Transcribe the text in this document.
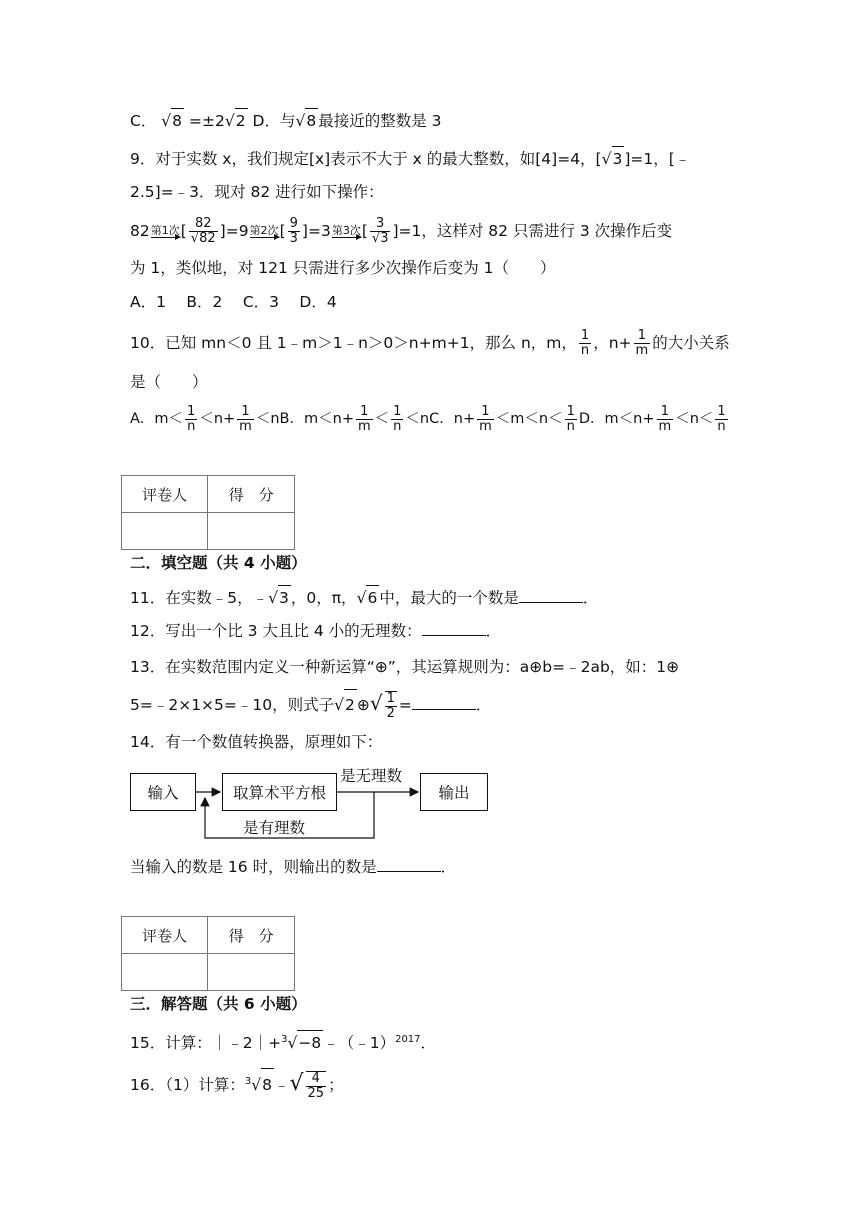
C． √8 =±2√2 D．与√8 最接近的整数是 3
9．对于实数 x，我们规定[x]表示不大于 x 的最大整数，如[4]=4，[√3 ]=1，[﹣
2.5]=﹣3．现对 82 进行如下操作：
82 第1次 [ $\frac{82}{√82} ]=9$ 第2次 [ $\frac{9}{3} ]=3$ 第3次 [ $\frac{3}{√3} ]=1$，这样对 82 只需进行 3 次操作后变
为 1，类似地，对 121 只需进行多少次操作后变为 1（　　）
A．1　 B．2　 C．3　 D．4
10．已知 mn＜0 且 1﹣m＞1﹣n＞0＞n+m+1，那么 n，m， $\frac{1}{n}$ ，$n+ \frac{1}{m}$ 的大小关系
是（　　）
A．$m< \frac{1}{n} <n+ \frac{1}{m} <nB$．$m<n+ \frac{1}{m} < \frac{1}{n} <nC$．$n+ \frac{1}{m} <m<n< \frac{1}{n}$ D．$m<n+ \frac{1}{m} <n< \frac{1}{n}$
评卷人	得　分

二．填空题（共 4 小题）
11．在实数﹣5，﹣√3 ，0，π，√6 中，最大的一个数是	．
12．写出一个比 3 大且比 4 小的无理数：	．
13．在实数范围内定义一种新运算“⊕”，其运算规则为：a⊕b=﹣2ab，如：1⊕
5=﹣2×1×5=﹣10，则式子√2 ⊕√ $\frac{1}{2}$ =	．
14．有一个数值转换器，原理如下：
输入	取算术平方根	输出
是无理数
是有理数
当输入的数是 16 时，则输出的数是	．
评卷人	得　分

三．解答题（共 6 小题）
15．计算：｜﹣2｜+$^3$√−8 ﹣（﹣1）$^{2017}$．
16．（1）计算：$^3$√8 ﹣√ $\frac{4}{25}$ ；
